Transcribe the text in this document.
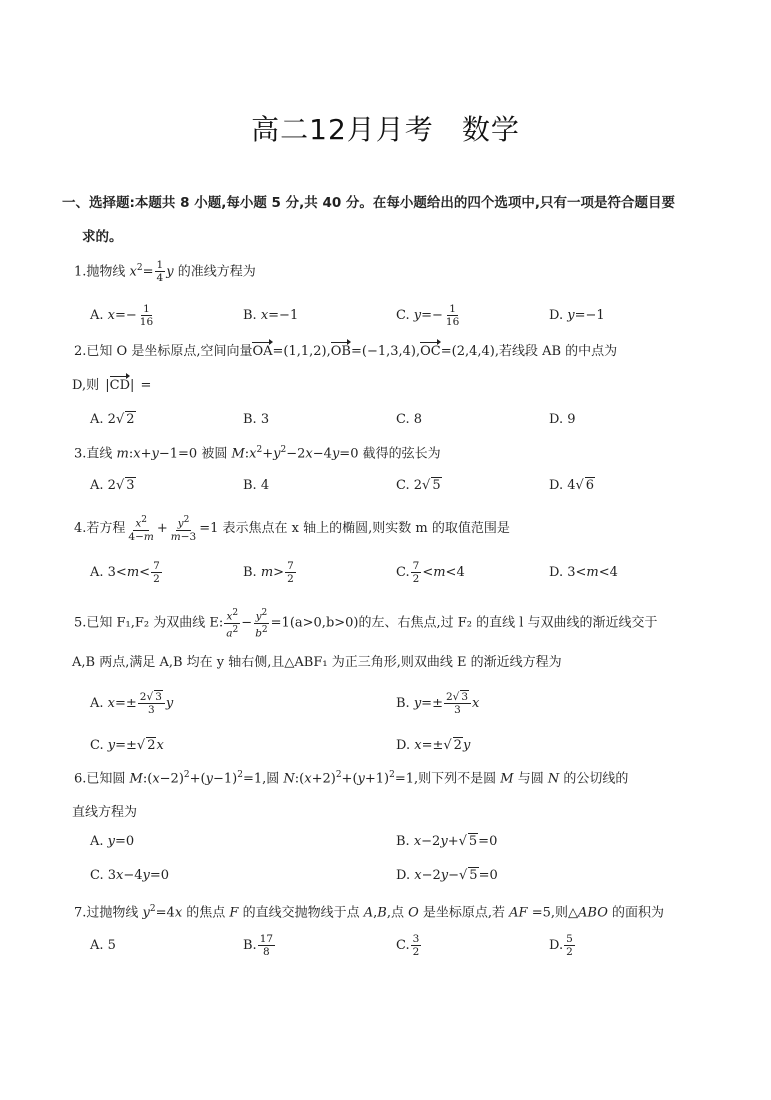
高二12月月考 数学
一、选择题:本题共 8 小题,每小题 5 分,共 40 分。在每小题给出的四个选项中,只有一项是符合题目要
求的。
1.抛物线 $x^2= \frac{1}{4}$ y 的准线方程为
A. $x =- \frac{1}{16}$	B. x =−1	C. $y =- \frac{1}{16}$	D. y =−1
2.已知 O 是坐标原点,空间向量OA=(1,1,2),OB=(−1,3,4),OC=(2,4,4),若线段 AB 的中点为
D,则 |CD| =
A. 2 √ 2	B. 3	C. 8	D. 9
3.直线 m:x+y−1=0 被圆 $M:x^2+y^2-2x-4y=0$ 截得的弦长为
A. 2 √ 3	B. 4	C. 2 √ 5	D. 4 √ 6
4.若方程 $\frac{x2}{4-m} + \frac{y2}{m-3} =1$ 表示焦点在 x 轴上的椭圆,则实数 m 的取值范围是
A. $3< m < \frac{7}{2}$	B. $m > \frac{7}{2}$	C. $\frac{7}{2} < m <4$	D. 3< m <4
5.已知 F₁,F₂ 为双曲线 E: $\frac{x2}{a2} - \frac{y2}{b2} =1(a>0,b>0)$的左、右焦点,过 F₂ 的直线 l 与双曲线的渐近线交于
A,B 两点,满足 A,B 均在 y 轴右侧,且△ABF₁ 为正三角形,则双曲线 E 的渐近线方程为
A. $x =\pm \frac{2√ 3}{3}$ y	B. $y =\pm \frac{2√ 3}{3}$ x
C. y =± √ 2 x	D. x =± √ 2 y
6.已知圆 $M:(x-2)^2+(y-1)^2=1$,圆 $N:(x+2)^2+(y+1)^2=1$,则下列不是圆 M 与圆 N 的公切线的
直线方程为
A. y =0	B. x −2 y + √ 5 =0
C. 3 x −4 y =0	D. x −2 y − √ 5 =0
7.过抛物线 $y^2=4x$ 的焦点 F 的直线交抛物线于点 A,B,点 O 是坐标原点,若 AF =5,则△ABO 的面积为
A. 5	B. $\frac{17}{8}$	C. $\frac{3}{2}$	D. $\frac{5}{2}$
